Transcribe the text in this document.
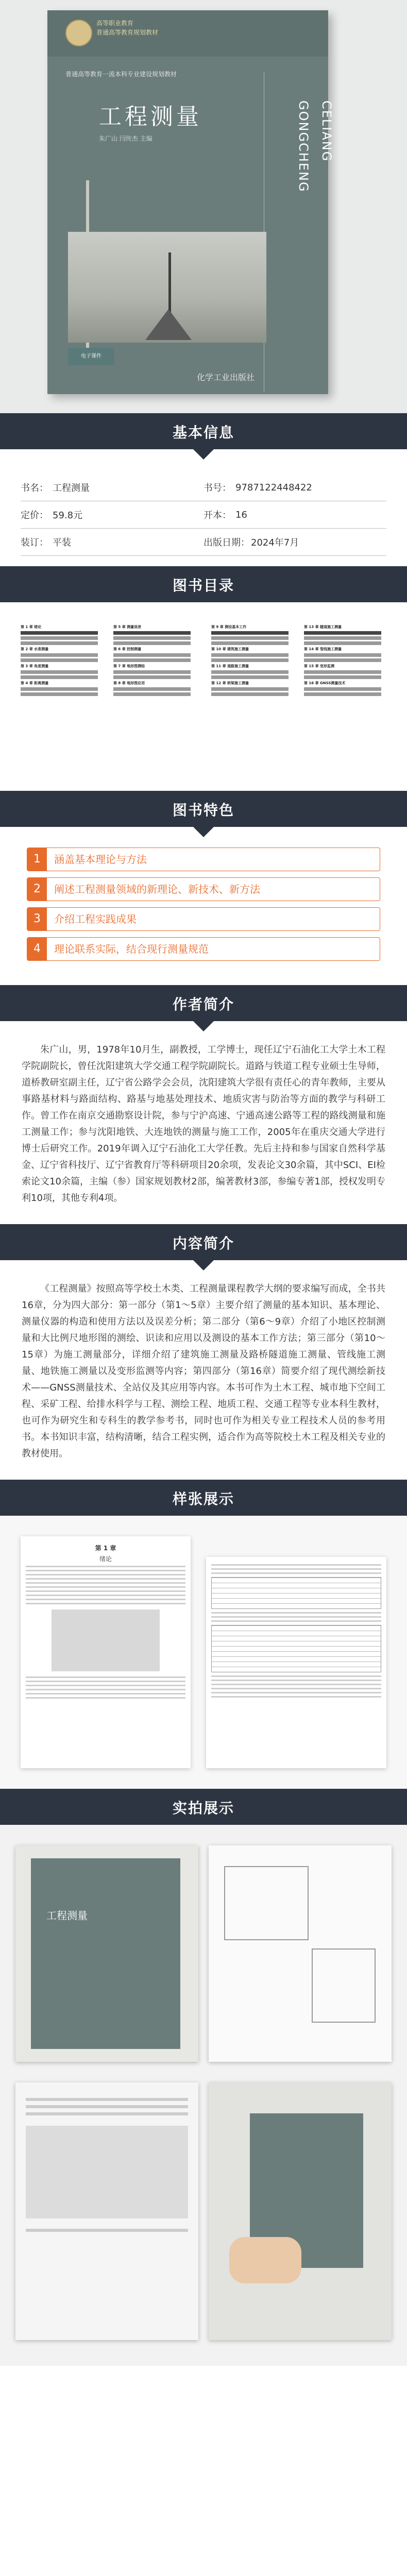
高等职业教育
普通高等教育规划教材
普通高等教育一流本科专业建设规划教材
工程测量
朱广山 闫传杰 主编	GONGCHENG CELIANG
电子课件
化学工业出版社
基本信息
书名： 工程测量	书号： 9787122448422
定价： 59.8元	开本： 16
装订： 平装	出版日期： 2024年7月
图书目录
第 1 章 绪论
第 2 章 水准测量
第 3 章 角度测量
第 4 章 距离测量
第 5 章 测量误差
第 6 章 控制测量
第 7 章 地形图测绘
第 8 章 地形图应用
第 9 章 测设基本工作
第 10 章 建筑施工测量
第 11 章 道路施工测量
第 12 章 桥梁施工测量
第 13 章 隧道施工测量
第 14 章 管线施工测量
第 15 章 变形监测
第 16 章 GNSS测量技术
图书特色
1	涵盖基本理论与方法
2	阐述工程测量领域的新理论、新技术、新方法
3	介绍工程实践成果
4	理论联系实际，结合现行测量规范
作者简介
朱广山，男，1978年10月生，副教授，工学博士，现任辽宁石油化工大学土木工程学院副院长，曾任沈阳建筑大学交通工程学院副院长。道路与铁道工程专业硕士生导师，道桥教研室副主任，辽宁省公路学会会员，沈阳建筑大学很有责任心的青年教师，主要从事路基材料与路面结构、路基与地基处理技术、地质灾害与防治等方面的教学与科研工作。曾工作在南京交通勘察设计院，参与宁沪高速、宁通高速公路等工程的路线测量和施工测量工作；参与沈阳地铁、大连地铁的测量与施工工作，2005年在重庆交通大学进行博士后研究工作。2019年调入辽宁石油化工大学任教。先后主持和参与国家自然科学基金、辽宁省科技厅、辽宁省教育厅等科研项目20余项，发表论文30余篇，其中SCI、EI检索论文10余篇，主编（参）国家规划教材2部，编著教材3部，参编专著1部，授权发明专利10项，其他专利4项。
内容简介
《工程测量》按照高等学校土木类、工程测量课程教学大纲的要求编写而成，全书共16章，分为四大部分：第一部分（第1～5章）主要介绍了测量的基本知识、基本理论、测量仪器的构造和使用方法以及误差分析；第二部分（第6～9章）介绍了小地区控制测量和大比例尺地形图的测绘、识读和应用以及测设的基本工作方法；第三部分（第10～15章）为施工测量部分，详细介绍了建筑施工测量及路桥隧道施工测量、管线施工测量、地铁施工测量以及变形监测等内容；第四部分（第16章）简要介绍了现代测绘新技术——GNSS测量技术、全站仪及其应用等内容。本书可作为土木工程、城市地下空间工程、采矿工程、给排水科学与工程、测绘工程、地质工程、交通工程等专业本科生教材，也可作为研究生和专科生的教学参考书，同时也可作为相关专业工程技术人员的参考用书。本书知识丰富，结构清晰，结合工程实例，适合作为高等院校土木工程及相关专业的教材使用。
样张展示
第 1 章
绪论
实拍展示
工程测量
